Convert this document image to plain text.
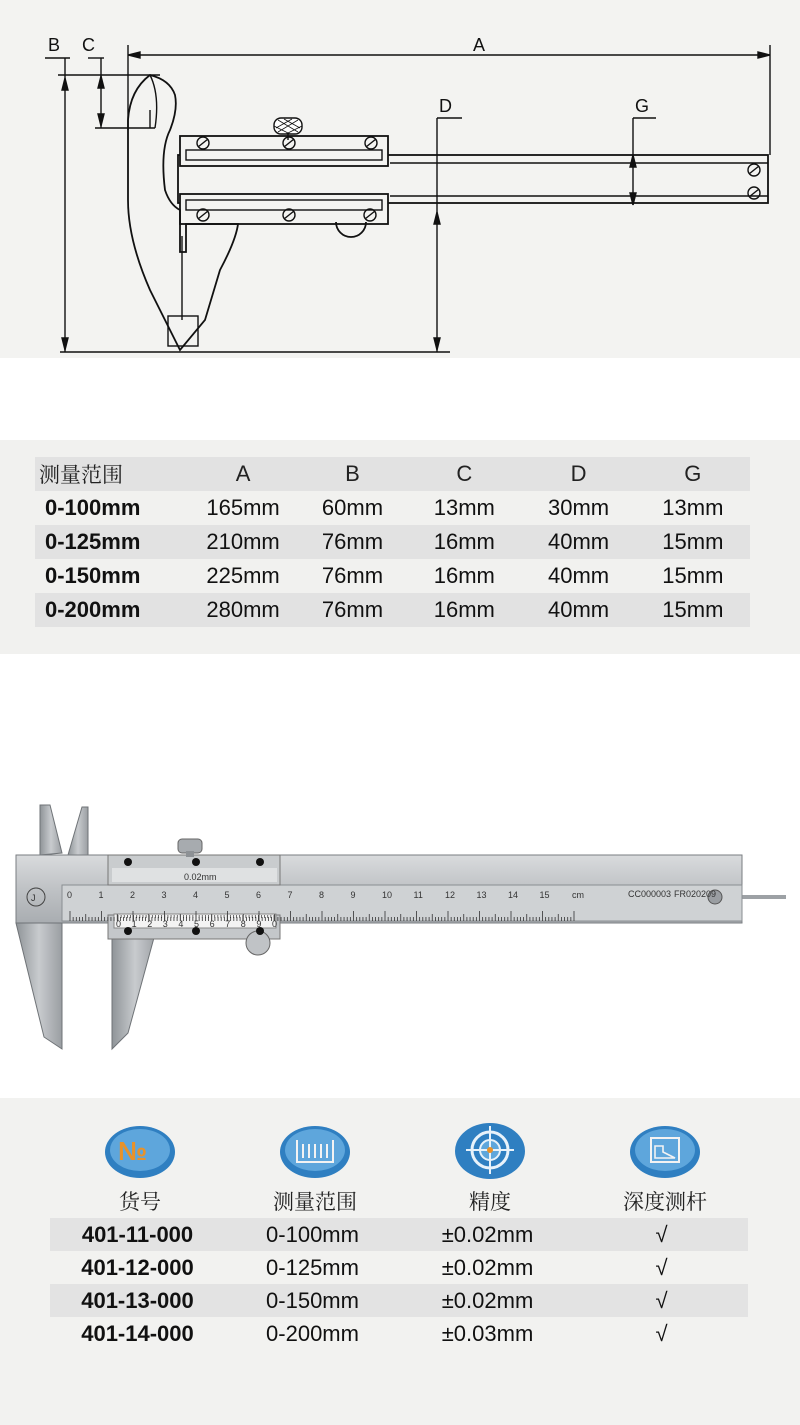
B C	A
D	G
测量范围	A	B	C	D	G
0-100mm	165mm	60mm	13mm	30mm	13mm
0-125mm	210mm	76mm	16mm	40mm	15mm
0-150mm	225mm	76mm	16mm	40mm	15mm
0-200mm	280mm	76mm	16mm	40mm	15mm
0	1	2	3	4	5	6	7	8	9	10 11 12 13 14 15
0 1 2 3 4 5 6 7 8 9 0
0.02mm
cm	CC000003 FR020209
J
№
货号	测量范围	精度	深度测杆
401-11-000	0-100mm	±0.02mm	√
401-12-000	0-125mm	±0.02mm	√
401-13-000	0-150mm	±0.02mm	√
401-14-000	0-200mm	±0.03mm	√
